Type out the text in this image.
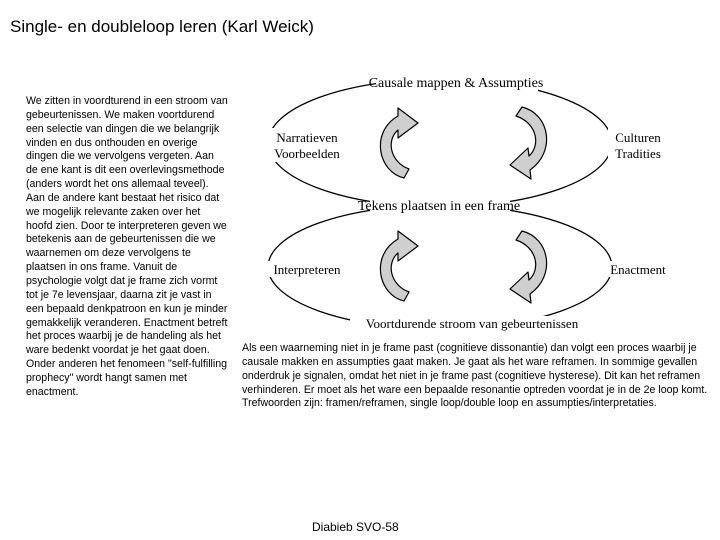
Single- en doubleloop leren (Karl Weick)
We zitten in voordturend in een stroom van gebeurtenissen. We maken voortdurend een selectie van dingen die we belangrijk vinden en dus onthouden en overige dingen die we vervolgens vergeten. Aan de ene kant is dit een overlevingsmethode (anders wordt het ons allemaal teveel). Aan de andere kant bestaat het risico dat we mogelijk relevante zaken over het hoofd zien. Door te interpreteren geven we betekenis aan de gebeurtenissen die we waarnemen om deze vervolgens te plaatsen in ons frame. Vanuit de psychologie volgt dat je frame zich vormt tot je 7e levensjaar, daarna zit je vast in een bepaald denkpatroon en kun je minder gemakkelijk veranderen. Enactment betreft het proces waarbij je de handeling als het ware bedenkt voordat je het gaat doen. Onder anderen het fenomeen "self-fulfilling prophecy" wordt hangt samen met enactment.
Causale mappen & Assumpties
Narratieven
Voorbeelden
Culturen
Tradities
Tekens plaatsen in een frame
Interpreteren	Enactment
Voortdurende stroom van gebeurtenissen
Als een waarneming niet in je frame past (cognitieve dissonantie) dan volgt een proces waarbij je causale makken en assumpties gaat maken. Je gaat als het ware reframen. In sommige gevallen onderdruk je signalen, omdat het niet in je frame past (cognitieve hysterese). Dit kan het reframen verhinderen. Er moet als het ware een bepaalde resonantie optreden voordat je in de 2e loop komt. Trefwoorden zijn: framen/reframen, single loop/double loop en assumpties/interpretaties.
Diabieb SVO-58
